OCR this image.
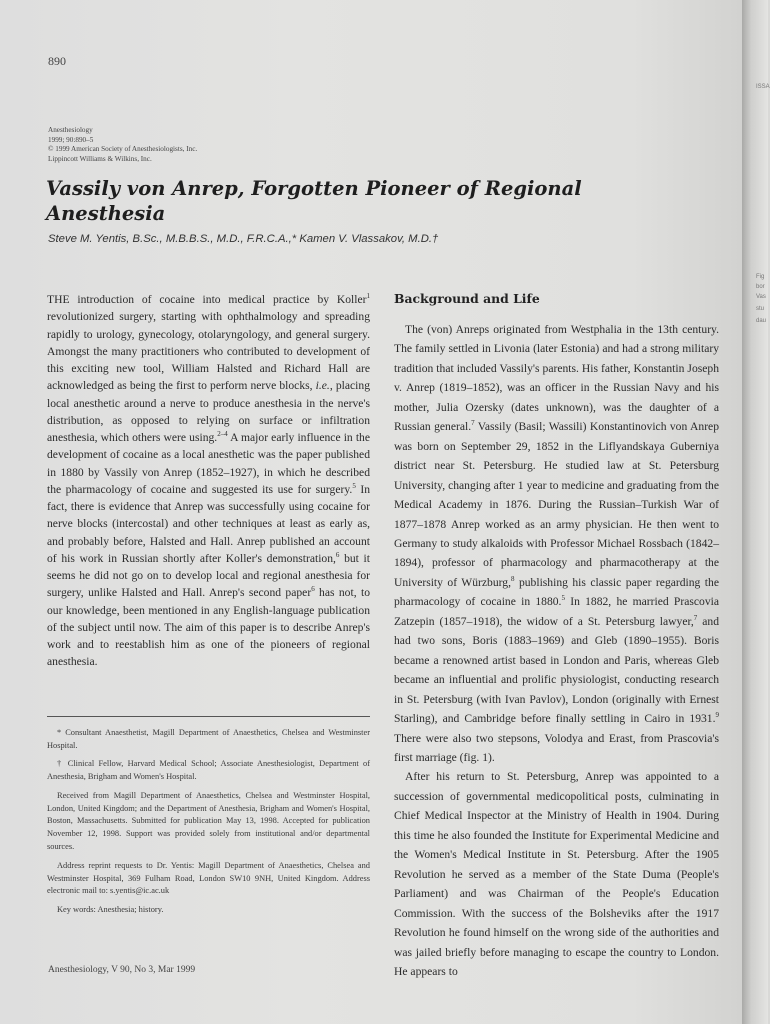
890
Anesthesiology
1999; 90:890–5
© 1999 American Society of Anesthesiologists, Inc.
Lippincott Williams & Wilkins, Inc.
Vassily von Anrep, Forgotten Pioneer of Regional Anesthesia
Steve M. Yentis, B.Sc., M.B.B.S., M.D., F.R.C.A.,* Kamen V. Vlassakov, M.D.†

THE introduction of cocaine into medical practice by Koller$^1$ revolutionized surgery, starting with ophthalmology and spreading rapidly to urology, gynecology, otolaryngology, and general surgery. Amongst the many practitioners who contributed to development of this exciting new tool, William Halsted and Richard Hall are acknowledged as being the first to perform nerve blocks, i.e., placing local anesthetic around a nerve to produce anesthesia in the nerve's distribution, as opposed to relying on surface or infiltration anesthesia, which others were using.$^{2-4}$ A major early influence in the development of cocaine as a local anesthetic was the paper published in 1880 by Vassily von Anrep (1852–1927), in which he described the pharmacology of cocaine and suggested its use for surgery.$^5$ In fact, there is evidence that Anrep was successfully using cocaine for nerve blocks (intercostal) and other techniques at least as early as, and probably before, Halsted and Hall. Anrep published an account of his work in Russian shortly after Koller's demonstration,$^6$ but it seems he did not go on to develop local and regional anesthesia for surgery, unlike Halsted and Hall. Anrep's second paper$^6$ has not, to our knowledge, been mentioned in any English-language publication of the subject until now. The aim of this paper is to describe Anrep's work and to reestablish him as one of the pioneers of regional anesthesia.

* Consultant Anaesthetist, Magill Department of Anaesthetics, Chelsea and Westminster Hospital.

† Clinical Fellow, Harvard Medical School; Associate Anesthesiologist, Department of Anesthesia, Brigham and Women's Hospital.

Received from Magill Department of Anaesthetics, Chelsea and Westminster Hospital, London, United Kingdom; and the Department of Anesthesia, Brigham and Women's Hospital, Boston, Massachusetts. Submitted for publication May 13, 1998. Accepted for publication November 12, 1998. Support was provided solely from institutional and/or departmental sources.

Address reprint requests to Dr. Yentis: Magill Department of Anaesthetics, Chelsea and Westminster Hospital, 369 Fulham Road, London SW10 9NH, United Kingdom. Address electronic mail to: s.yentis@ic.ac.uk

Key words: Anesthesia; history.

Background and Life

The (von) Anreps originated from Westphalia in the 13th century. The family settled in Livonia (later Estonia) and had a strong military tradition that included Vassily's parents. His father, Konstantin Joseph v. Anrep (1819–1852), was an officer in the Russian Navy and his mother, Julia Ozersky (dates unknown), was the daughter of a Russian general.$^7$ Vassily (Basil; Wassili) Konstantinovich von Anrep was born on September 29, 1852 in the Liflyandskaya Guberniya district near St. Petersburg. He studied law at St. Petersburg University, changing after 1 year to medicine and graduating from the Medical Academy in 1876. During the Russian–Turkish War of 1877–1878 Anrep worked as an army physician. He then went to Germany to study alkaloids with Professor Michael Rossbach (1842–1894), professor of pharmacology and pharmacotherapy at the University of Würzburg,$^8$ publishing his classic paper regarding the pharmacology of cocaine in 1880.$^5$ In 1882, he married Prascovia Zatzepin (1857–1918), the widow of a St. Petersburg lawyer,$^7$ and had two sons, Boris (1883–1969) and Gleb (1890–1955). Boris became a renowned artist based in London and Paris, whereas Gleb became an influential and prolific physiologist, conducting research in St. Petersburg (with Ivan Pavlov), London (originally with Ernest Starling), and Cambridge before finally settling in Cairo in 1931.$^9$ There were also two stepsons, Volodya and Erast, from Prascovia's first marriage (fig. 1).

After his return to St. Petersburg, Anrep was appointed to a succession of governmental medicopolitical posts, culminating in Chief Medical Inspector at the Ministry of Health in 1904. During this time he also founded the Institute for Experimental Medicine and the Women's Medical Institute in St. Petersburg. After the 1905 Revolution he served as a member of the State Duma (People's Parliament) and was Chairman of the People's Education Commission. With the success of the Bolsheviks after the 1917 Revolution he found himself on the wrong side of the authorities and was jailed briefly before managing to escape the country to London. He appears to

Anesthesiology, V 90, No 3, Mar 1999
ISSA
Fig
bor
Vas
stu
dau
